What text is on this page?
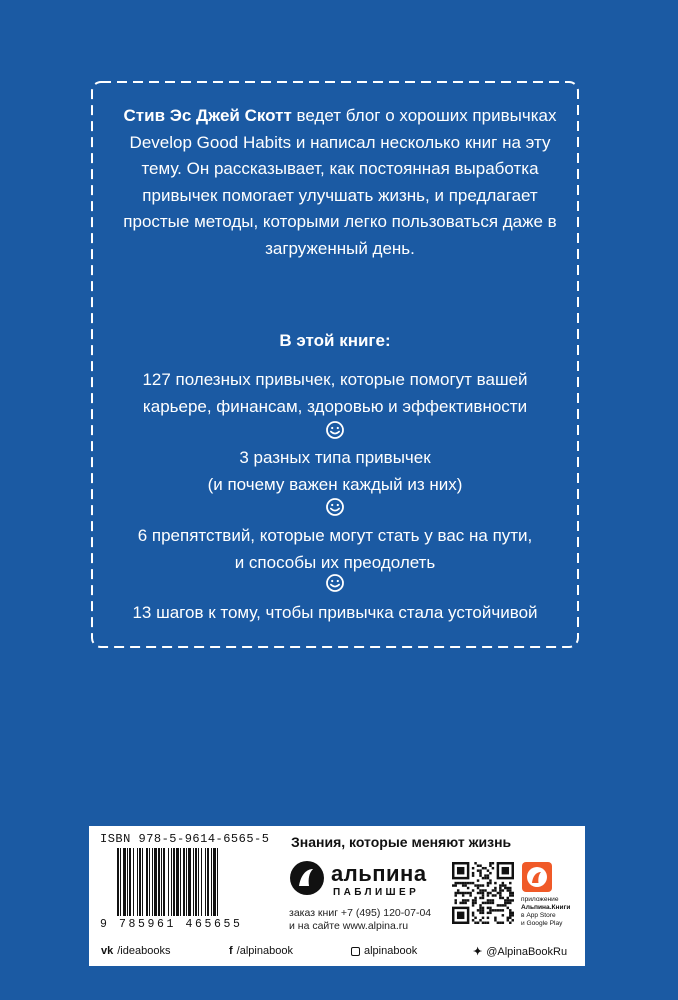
Стив Эс Джей Скотт ведет блог о хороших привычках Develop Good Habits и написал несколько книг на эту тему. Он рассказывает, как постоянная выработка привычек помогает улучшать жизнь, и предлагает простые методы, которыми легко пользоваться даже в загруженный день.
В этой книге:
127 полезных привычек, которые помогут вашей
карьере, финансам, здоровью и эффективности
3 разных типа привычек
(и почему важен каждый из них)
6 препятствий, которые могут стать у вас на пути,
и способы их преодолеть
13 шагов к тому, чтобы привычка стала устойчивой
ISBN 978-5-9614-6565-5
9 785961 465655
Знания, которые меняют жизнь
альпина
ПАБЛИШЕР
заказ книг +7 (495) 120-07-04
и на сайте www.alpina.ru
приложение
Альпина.Книги
в App Store
и Google Play
vk /ideabooks	f /alpinabook	alpinabook	✦ @AlpinaBookRu
